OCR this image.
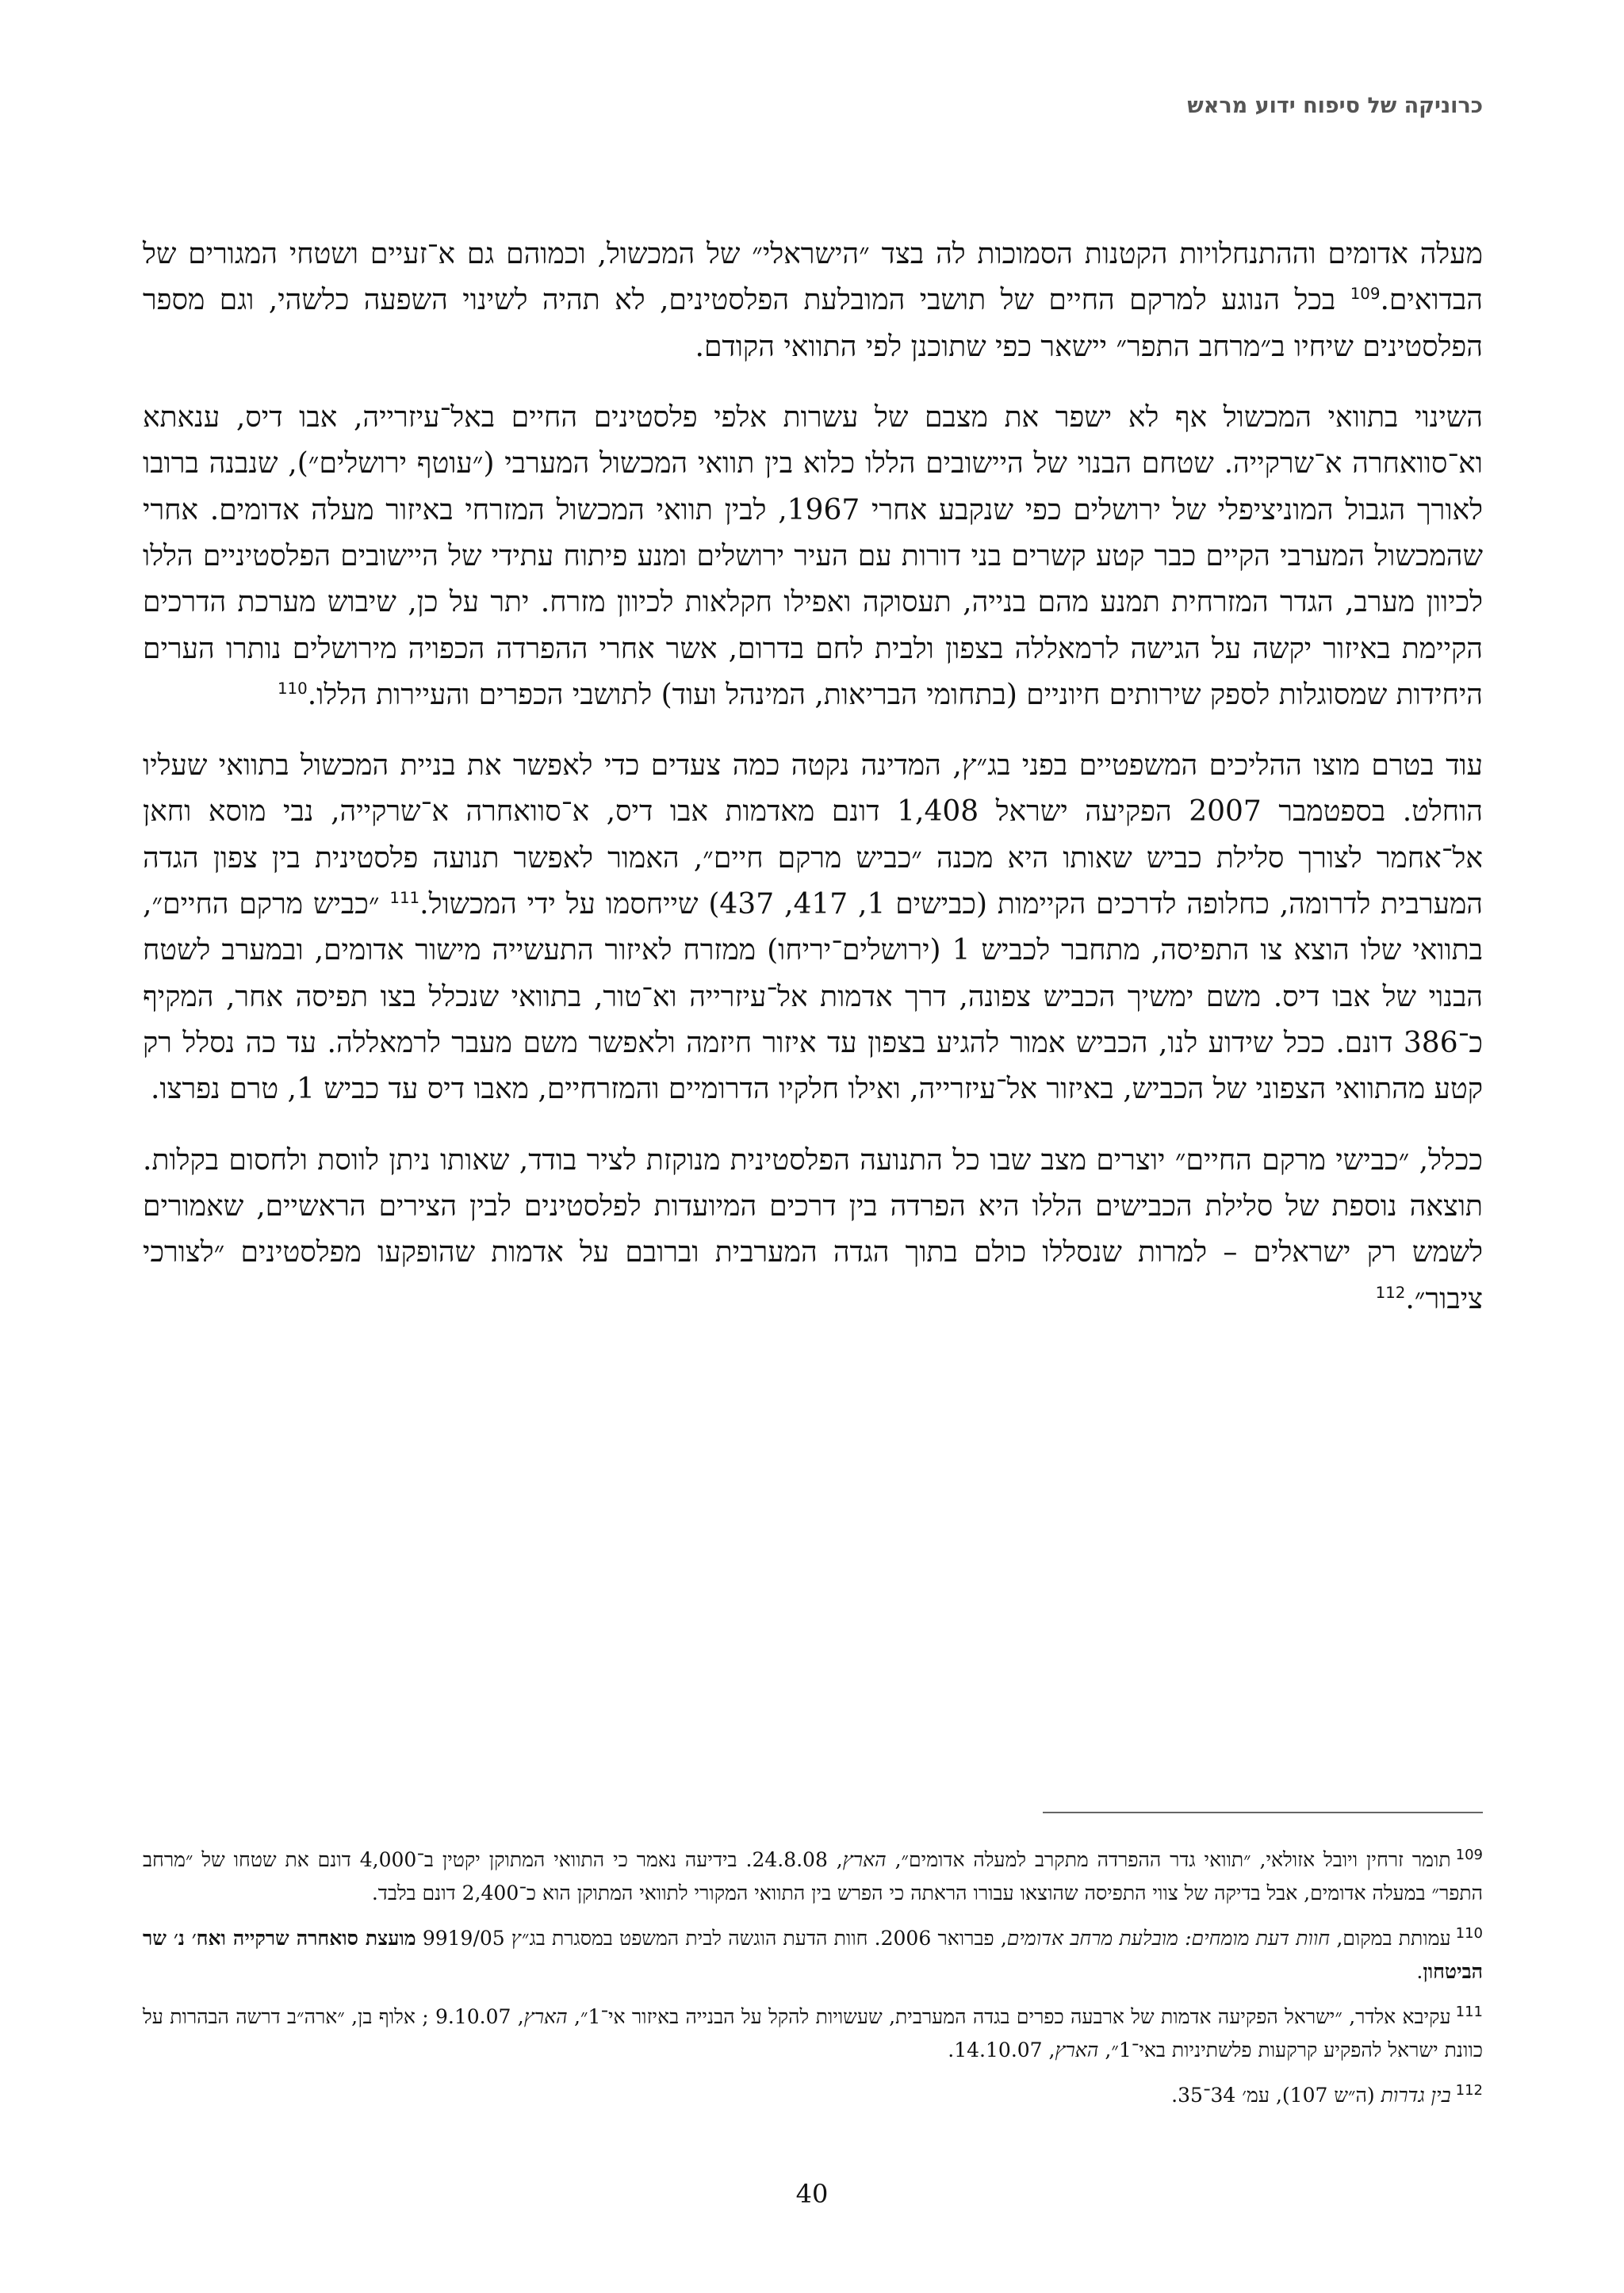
כרוניקה של סיפוח ידוע מראש

מעלה אדומים וההתנחלויות הקטנות הסמוכות לה בצד ״הישראלי״ של המכשול, וכמוהם גם א־זעיים ושטחי המגורים של הבדואים.$^{109}$ בכל הנוגע למרקם החיים של תושבי המובלעת הפלסטינים, לא תהיה לשינוי השפעה כלשהי, וגם מספר הפלסטינים שיחיו ב״מרחב התפר״ יישאר כפי שתוכנן לפי התוואי הקודם.

השינוי בתוואי המכשול אף לא ישפר את מצבם של עשרות אלפי פלסטינים החיים באל־עיזרייה, אבו דיס, ענאתא וא־סוואחרה א־שרקייה. שטחם הבנוי של היישובים הללו כלוא בין תוואי המכשול המערבי (״עוטף ירושלים״), שנבנה ברובו לאורך הגבול המוניציפלי של ירושלים כפי שנקבע אחרי 1967, לבין תוואי המכשול המזרחי באיזור מעלה אדומים. אחרי שהמכשול המערבי הקיים כבר קטע קשרים בני דורות עם העיר ירושלים ומנע פיתוח עתידי של היישובים הפלסטיניים הללו לכיוון מערב, הגדר המזרחית תמנע מהם בנייה, תעסוקה ואפילו חקלאות לכיוון מזרח. יתר על כן, שיבוש מערכת הדרכים הקיימת באיזור יקשה על הגישה לרמאללה בצפון ולבית לחם בדרום, אשר אחרי ההפרדה הכפויה מירושלים נותרו הערים היחידות שמסוגלות לספק שירותים חיוניים (בתחומי הבריאות, המינהל ועוד) לתושבי הכפרים והעיירות הללו.$^{110}$

עוד בטרם מוצו ההליכים המשפטיים בפני בג״ץ, המדינה נקטה כמה צעדים כדי לאפשר את בניית המכשול בתוואי שעליו הוחלט. בספטמבר 2007 הפקיעה ישראל 1,408 דונם מאדמות אבו דיס, א־סוואחרה א־שרקייה, נבי מוסא וחאן אל־אחמר לצורך סלילת כביש שאותו היא מכנה ״כביש מרקם חיים״, האמור לאפשר תנועה פלסטינית בין צפון הגדה המערבית לדרומה, כחלופה לדרכים הקיימות (כבישים 1, 417, 437) שייחסמו על ידי המכשול.$^{111}$ ״כביש מרקם החיים״, בתוואי שלו הוצא צו התפיסה, מתחבר לכביש 1 (ירושלים־יריחו) ממזרח לאיזור התעשייה מישור אדומים, ובמערב לשטח הבנוי של אבו דיס. משם ימשיך הכביש צפונה, דרך אדמות אל־עיזרייה וא־טור, בתוואי שנכלל בצו תפיסה אחר, המקיף כ־386 דונם. ככל שידוע לנו, הכביש אמור להגיע בצפון עד איזור חיזמה ולאפשר משם מעבר לרמאללה. עד כה נסלל רק קטע מהתוואי הצפוני של הכביש, באיזור אל־עיזרייה, ואילו חלקיו הדרומיים והמזרחיים, מאבו דיס עד כביש 1, טרם נפרצו.

ככלל, ״כבישי מרקם החיים״ יוצרים מצב שבו כל התנועה הפלסטינית מנוקזת לציר בודד, שאותו ניתן לווסת ולחסום בקלות. תוצאה נוספת של סלילת הכבישים הללו היא הפרדה בין דרכים המיועדות לפלסטינים לבין הצירים הראשיים, שאמורים לשמש רק ישראלים – למרות שנסללו כולם בתוך הגדה המערבית וברובם על אדמות שהופקעו מפלסטינים ״לצורכי ציבור״.$^{112}$

$^{109}$תומר זרחין ויובל אזולאי, ״תוואי גדר ההפרדה מתקרב למעלה אדומים״, הארץ, 24.8.08. בידיעה נאמר כי התוואי המתוקן יקטין ב־4,000 דונם את שטחו של ״מרחב התפר״ במעלה אדומים, אבל בדיקה של צווי התפיסה שהוצאו עבורו הראתה כי הפרש בין התוואי המקורי לתוואי המתוקן הוא כ־2,400 דונם בלבד.
$^{110}$עמותת במקום, חוות דעת מומחים: מובלעת מרחב אדומים, פברואר 2006. חוות הדעת הוגשה לבית המשפט במסגרת בג״ץ 9919/05 מועצת סואחרה שרקייה ואח׳ נ׳ שר הביטחון.
$^{111}$עקיבא אלדר, ״ישראל הפקיעה אדמות של ארבעה כפרים בגדה המערבית, שעשויות להקל על הבנייה באיזור אי־1״, הארץ, 9.10.07 ; אלוף בן, ״ארה״ב דרשה הבהרות על כוונת ישראל להפקיע קרקעות פלשתיניות באי־1״, הארץ, 14.10.07.
$^{112}$בין גדרות (ה״ש 107), עמ׳ 34־35.
40
